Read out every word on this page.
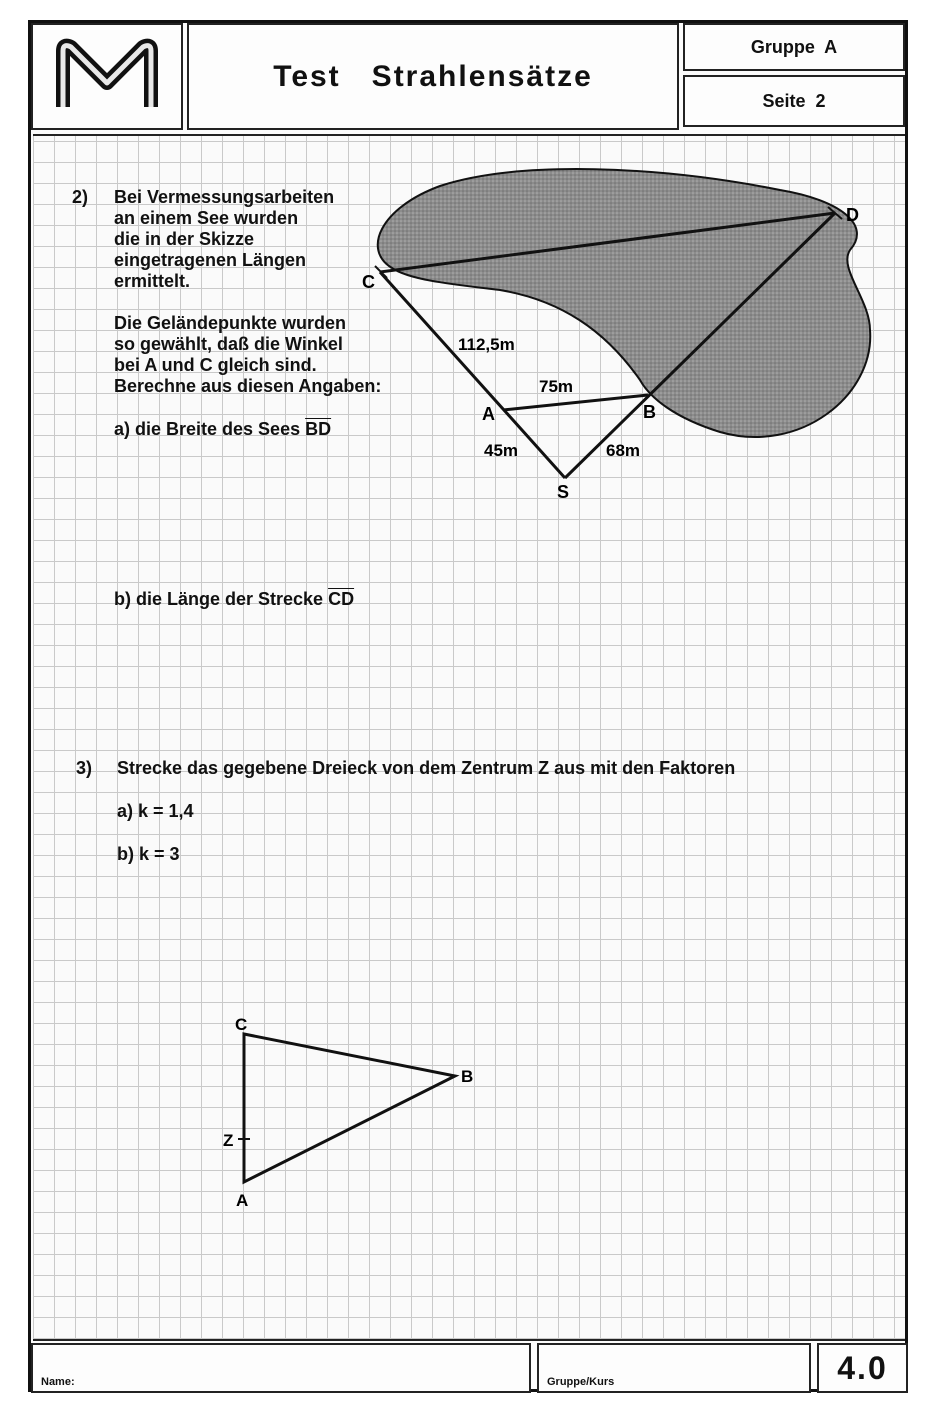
Test   Strahlensätze
Gruppe  A
Seite  2
2) Bei Vermessungsarbeiten
an einem See wurden
die in der Skizze
eingetragenen Längen
ermittelt.
Die Geländepunkte wurden
so gewählt, daß die Winkel
bei A und C gleich sind.
Berechne aus diesen Angaben:
a) die Breite des Sees $\overline{BD}$
b) die Länge der Strecke $\overline{CD}$
C
D
A	B
S
112,5m
75m
45m	68m
3) Strecke das gegebene Dreieck von dem Zentrum Z aus mit den Faktoren
a) k = 1,4
b) k = 3
C
B
A
Z
Name:	Gruppe/Kurs	4.0
